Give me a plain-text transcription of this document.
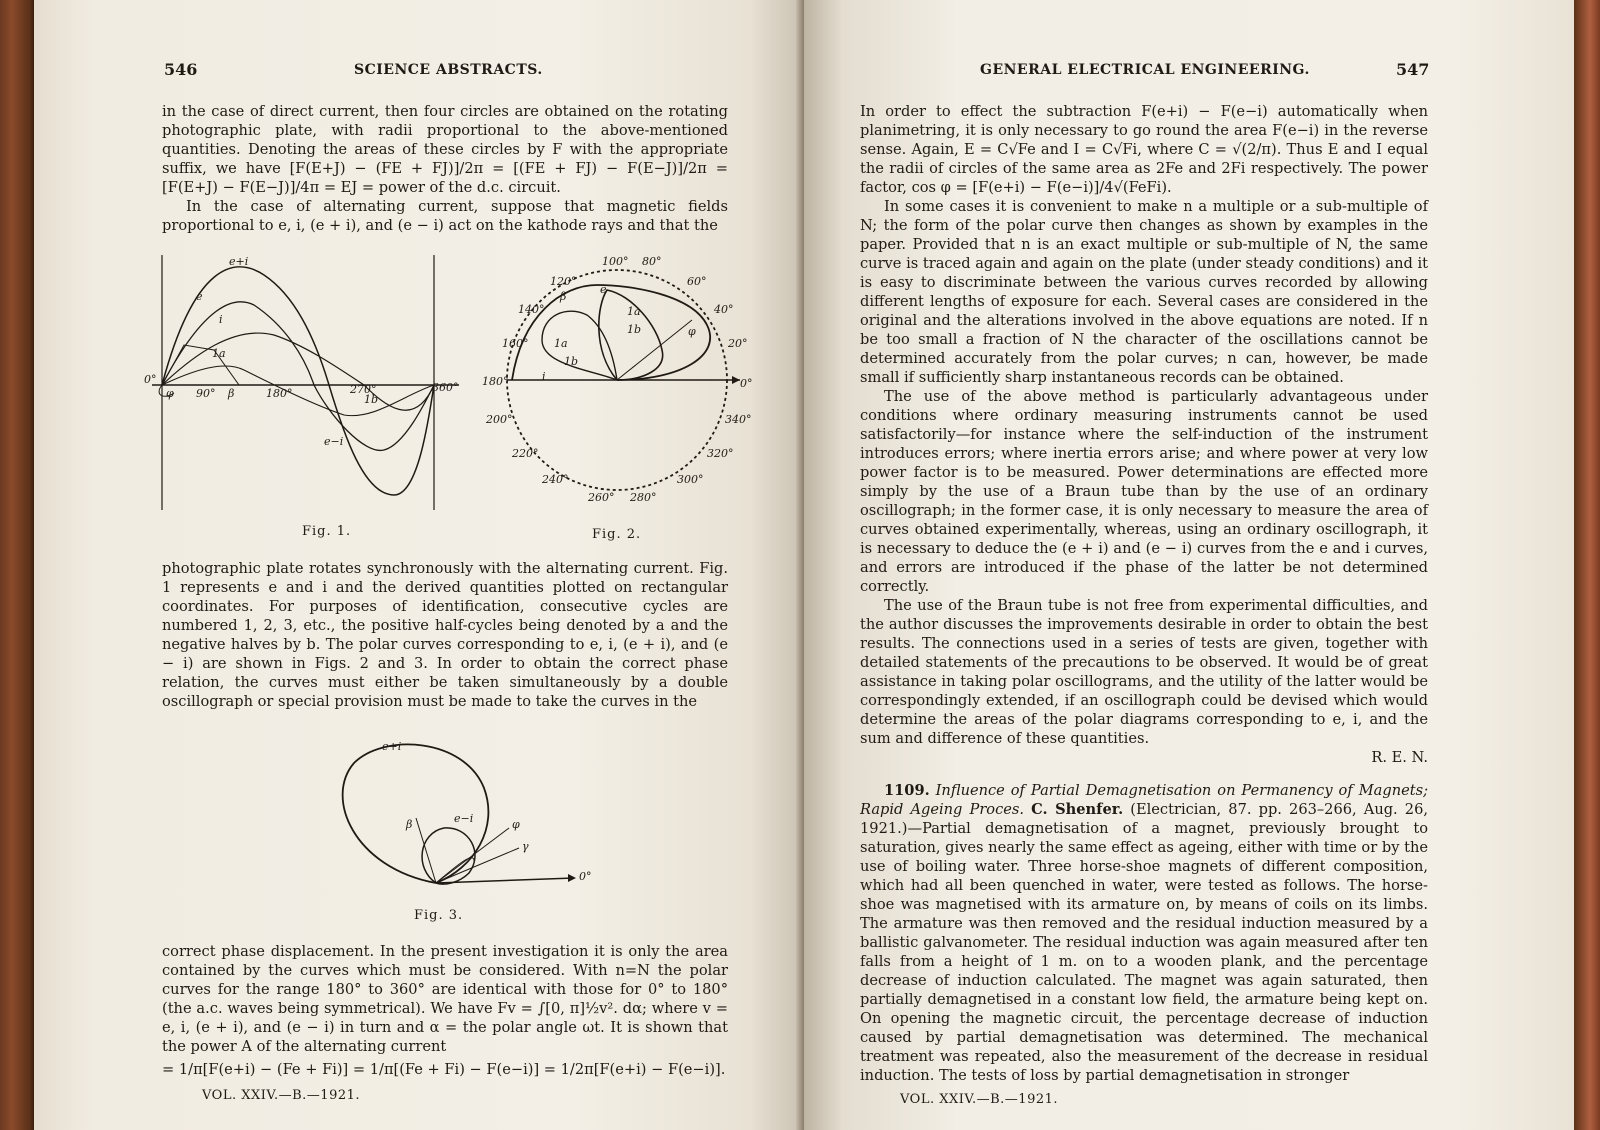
546	SCIENCE ABSTRACTS.

in the case of direct current, then four circles are obtained on the rotating photographic plate, with radii proportional to the above-mentioned quantities. Denoting the areas of these circles by F with the appropriate suffix, we have [F(E+J) − (FE + FJ)]/2π = [(FE + FJ) − F(E−J)]/2π = [F(E+J) − F(E−J)]/4π = EJ = power of the d.c. circuit.

In the case of alternating current, suppose that magnetic fields proportional to e, i, (e + i), and (e − i) act on the kathode rays and that the

e+i
e
i
1a
1b
0°
φ 90° β	180°	270°	360°
e−i
Fig. 1.
100° 80°
120°	60°
140°	40°
160°	20°
180°	0°
200°	340°
220°	320°
240°	300°
260° 280°
e
β
1a
1b	φ
1a
1b
i
Fig. 2.

photographic plate rotates synchronously with the alternating current. Fig. 1 represents e and i and the derived quantities plotted on rectangular coordinates. For purposes of identification, consecutive cycles are numbered 1, 2, 3, etc., the positive half-cycles being denoted by a and the negative halves by b. The polar curves corresponding to e, i, (e + i), and (e − i) are shown in Figs. 2 and 3. In order to obtain the correct phase relation, the curves must either be taken simultaneously by a double oscillograph or special provision must be made to take the curves in the

e+i
β	e−i	φ
γ
0°
Fig. 3.

correct phase displacement. In the present investigation it is only the area contained by the curves which must be considered. With n=N the polar curves for the range 180° to 360° are identical with those for 0° to 180° (the a.c. waves being symmetrical). We have Fv = ∫[0, π]½v². dα; where v = e, i, (e + i), and (e − i) in turn and α = the polar angle ωt. It is shown that the power A of the alternating current

= 1/π[F(e+i) − (Fe + Fi)] = 1/π[(Fe + Fi) − F(e−i)] = 1/2π[F(e+i) − F(e−i)].

VOL. XXIV.—B.—1921.
GENERAL ELECTRICAL ENGINEERING.	547

In order to effect the subtraction F(e+i) − F(e−i) automatically when planimetring, it is only necessary to go round the area F(e−i) in the reverse sense. Again, E = C√Fe and I = C√Fi, where C = √(2/π). Thus E and I equal the radii of circles of the same area as 2Fe and 2Fi respectively. The power factor, cos φ = [F(e+i) − F(e−i)]/4√(FeFi).

In some cases it is convenient to make n a multiple or a sub-multiple of N; the form of the polar curve then changes as shown by examples in the paper. Provided that n is an exact multiple or sub-multiple of N, the same curve is traced again and again on the plate (under steady conditions) and it is easy to discriminate between the various curves recorded by allowing different lengths of exposure for each. Several cases are considered in the original and the alterations involved in the above equations are noted. If n be too small a fraction of N the character of the oscillations cannot be determined accurately from the polar curves; n can, however, be made small if sufficiently sharp instantaneous records can be obtained.

The use of the above method is particularly advantageous under conditions where ordinary measuring instruments cannot be used satisfactorily—for instance where the self-induction of the instrument introduces errors; where inertia errors arise; and where power at very low power factor is to be measured. Power determinations are effected more simply by the use of a Braun tube than by the use of an ordinary oscillograph; in the former case, it is only necessary to measure the area of curves obtained experimentally, whereas, using an ordinary oscillograph, it is necessary to deduce the (e + i) and (e − i) curves from the e and i curves, and errors are introduced if the phase of the latter be not determined correctly.

The use of the Braun tube is not free from experimental difficulties, and the author discusses the improvements desirable in order to obtain the best results. The connections used in a series of tests are given, together with detailed statements of the precautions to be observed. It would be of great assistance in taking polar oscillograms, and the utility of the latter would be correspondingly extended, if an oscillograph could be devised which would determine the areas of the polar diagrams corresponding to e, i, and the sum and difference of these quantities.

R. E. N.

1109. Influence of Partial Demagnetisation on Permanency of Magnets; Rapid Ageing Proces. C. Shenfer. (Electrician, 87. pp. 263–266, Aug. 26, 1921.)—Partial demagnetisation of a magnet, previously brought to saturation, gives nearly the same effect as ageing, either with time or by the use of boiling water. Three horse-shoe magnets of different composition, which had all been quenched in water, were tested as follows. The horse-shoe was magnetised with its armature on, by means of coils on its limbs. The armature was then removed and the residual induction measured by a ballistic galvanometer. The residual induction was again measured after ten falls from a height of 1 m. on to a wooden plank, and the percentage decrease of induction calculated. The magnet was again saturated, then partially demagnetised in a constant low field, the armature being kept on. On opening the magnetic circuit, the percentage decrease of induction caused by partial demagnetisation was determined. The mechanical treatment was repeated, also the measurement of the decrease in residual induction. The tests of loss by partial demagnetisation in stronger

VOL. XXIV.—B.—1921.
